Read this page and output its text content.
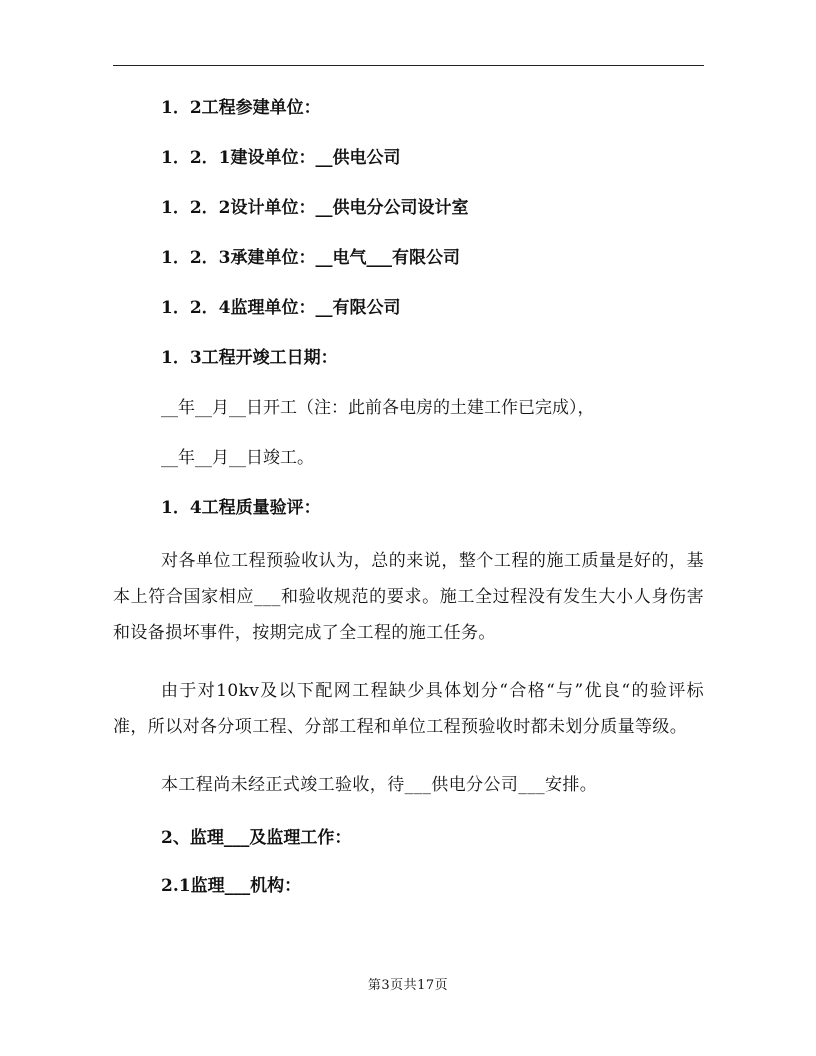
1．2工程参建单位：

1．2．1建设单位：__供电公司

1．2．2设计单位：__供电分公司设计室

1．2．3承建单位：__电气___有限公司

1．2．4监理单位：__有限公司

1．3工程开竣工日期：

__年__月__日开工（注：此前各电房的土建工作已完成），

__年__月__日竣工。

1．4工程质量验评：

对各单位工程预验收认为，总的来说，整个工程的施工质量是好的，基本上符合国家相应___和验收规范的要求。施工全过程没有发生大小人身伤害和设备损坏事件，按期完成了全工程的施工任务。

由于对10kv及以下配网工程缺少具体划分“合格“与”优良“的验评标准，所以对各分项工程、分部工程和单位工程预验收时都未划分质量等级。

本工程尚未经正式竣工验收，待___供电分公司___安排。

2、监理___及监理工作：

2.1监理___机构：

第3页共17页
